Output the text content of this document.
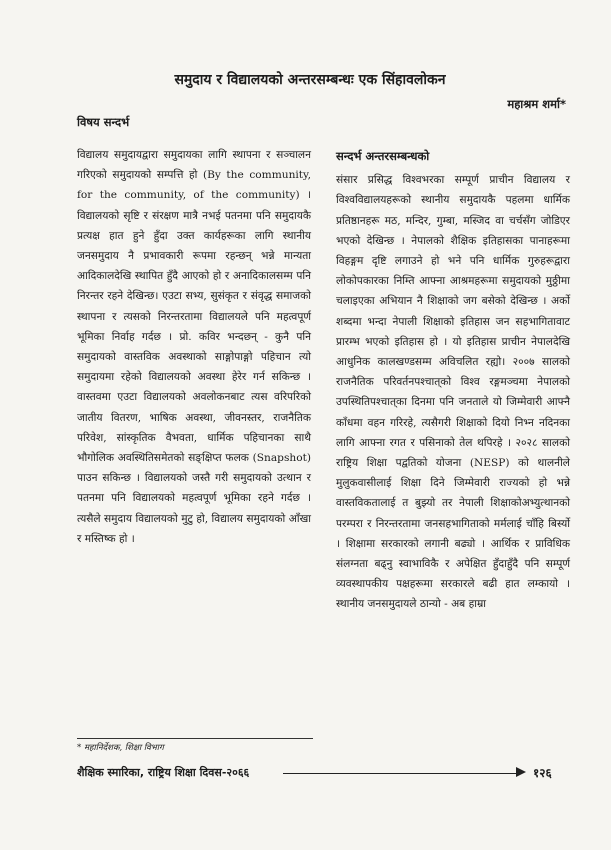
समुदाय र विद्यालयको अन्तरसम्बन्धः एक सिंहावलोकन
महाश्रम शर्मा*
विषय सन्दर्भ

विद्यालय समुदायद्वारा समुदायका लागि स्थापना र सञ्चालन गरिएको समुदायको सम्पत्ति हो (By the community, for the community, of the community) । विद्यालयको सृष्टि र संरक्षण मात्रै नभई पतनमा पनि समुदायकै प्रत्यक्ष हात हुने हुँदा उक्त कार्यहरूका लागि स्थानीय जनसमुदाय नै प्रभावकारी रूपमा रहन्छन् भन्ने मान्यता आदिकालदेखि स्थापित हुँदै आएको हो र अनादिकालसम्म पनि निरन्तर रहने देखिन्छ। एउटा सभ्य, सुसंकृत र संवृद्ध समाजको स्थापना र त्यसको निरन्तरतामा विद्यालयले पनि महत्वपूर्ण भूमिका निर्वाह गर्दछ । प्रो. कविर भन्दछन् - कुनै पनि समुदायको वास्तविक अवस्थाको साङ्गोपाङ्गो पहिचान त्यो समुदायमा रहेको विद्यालयको अवस्था हेरेर गर्न सकिन्छ । वास्तवमा एउटा विद्यालयको अवलोकनबाट त्यस वरिपरिको जातीय वितरण, भाषिक अवस्था, जीवनस्तर, राजनैतिक परिवेश, सांस्कृतिक वैभवता, धार्मिक पहिचानका साथै भौगोलिक अवस्थितिसमेतको सङ्क्षिप्त फलक (Snapshot) पाउन सकिन्छ । विद्यालयको जस्तै गरी समुदायको उत्थान र पतनमा पनि विद्यालयको महत्वपूर्ण भूमिका रहने गर्दछ । त्यसैले समुदाय विद्यालयको मुटु हो, विद्यालय समुदायको आँखा र मस्तिष्क हो ।

सन्दर्भ अन्तरसम्बन्धको

संसार प्रसिद्ध विश्वभरका सम्पूर्ण प्राचीन विद्यालय र विश्वविद्यालयहरूको स्थानीय समुदायकै पहलमा धार्मिक प्रतिष्ठानहरू मठ, मन्दिर, गुम्बा, मस्जिद वा चर्चसँग जोडिएर भएको देखिन्छ । नेपालको शैक्षिक इतिहासका पानाहरूमा विहङ्गम दृष्टि लगाउने हो भने पनि धार्मिक गुरुहरूद्वारा लोकोपकारका निम्ति आफ्ना आश्रमहरूमा समुदायको मुठ्ठीमा चलाइएका अभियान नै शिक्षाको जग बसेको देखिन्छ । अर्को शब्दमा भन्दा नेपाली शिक्षाको इतिहास जन सहभागितावाट प्रारम्भ भएको इतिहास हो । यो इतिहास प्राचीन नेपालदेखि आधुनिक कालखण्डसम्म अविचलित रह्यो। २००७ सालको राजनैतिक परिवर्तनपश्चात्‌को विश्व रङ्गमञ्चमा नेपालको उपस्थितिपश्चात्‌का दिनमा पनि जनताले यो जिम्मेवारी आफ्नै काँधमा वहन गरिरहे, त्यसैगरी शिक्षाको दियो निभ्न नदिनका लागि आफ्ना रगत र पसिनाको तेल थपिरहे । २०२८ सालको राष्ट्रिय शिक्षा पद्वतिको योजना (NESP) को थालनीले मुलुकवासीलाई शिक्षा दिने जिम्मेवारी राज्यको हो भन्ने वास्तविकतालाई त बुझ्यो तर नेपाली शिक्षाकोअभ्युत्थानको परम्परा र निरन्तरतामा जनसहभागिताको मर्मलाई चाँहि बिर्स्यो । शिक्षामा सरकारको लगानी बढ्यो । आर्थिक र प्राविधिक संलग्नता बढ्नु स्वाभाविकै र अपेक्षित हुँदाहुँदै पनि सम्पूर्ण व्यवस्थापकीय पक्षहरूमा सरकारले बढी हात लम्कायो । स्थानीय जनसमुदायले ठान्यो - अब हाम्रा

* महानिर्देशक, शिक्षा विभाग
शैक्षिक स्मारिका, राष्ट्रिय शिक्षा दिवस-२०६६	१२६
